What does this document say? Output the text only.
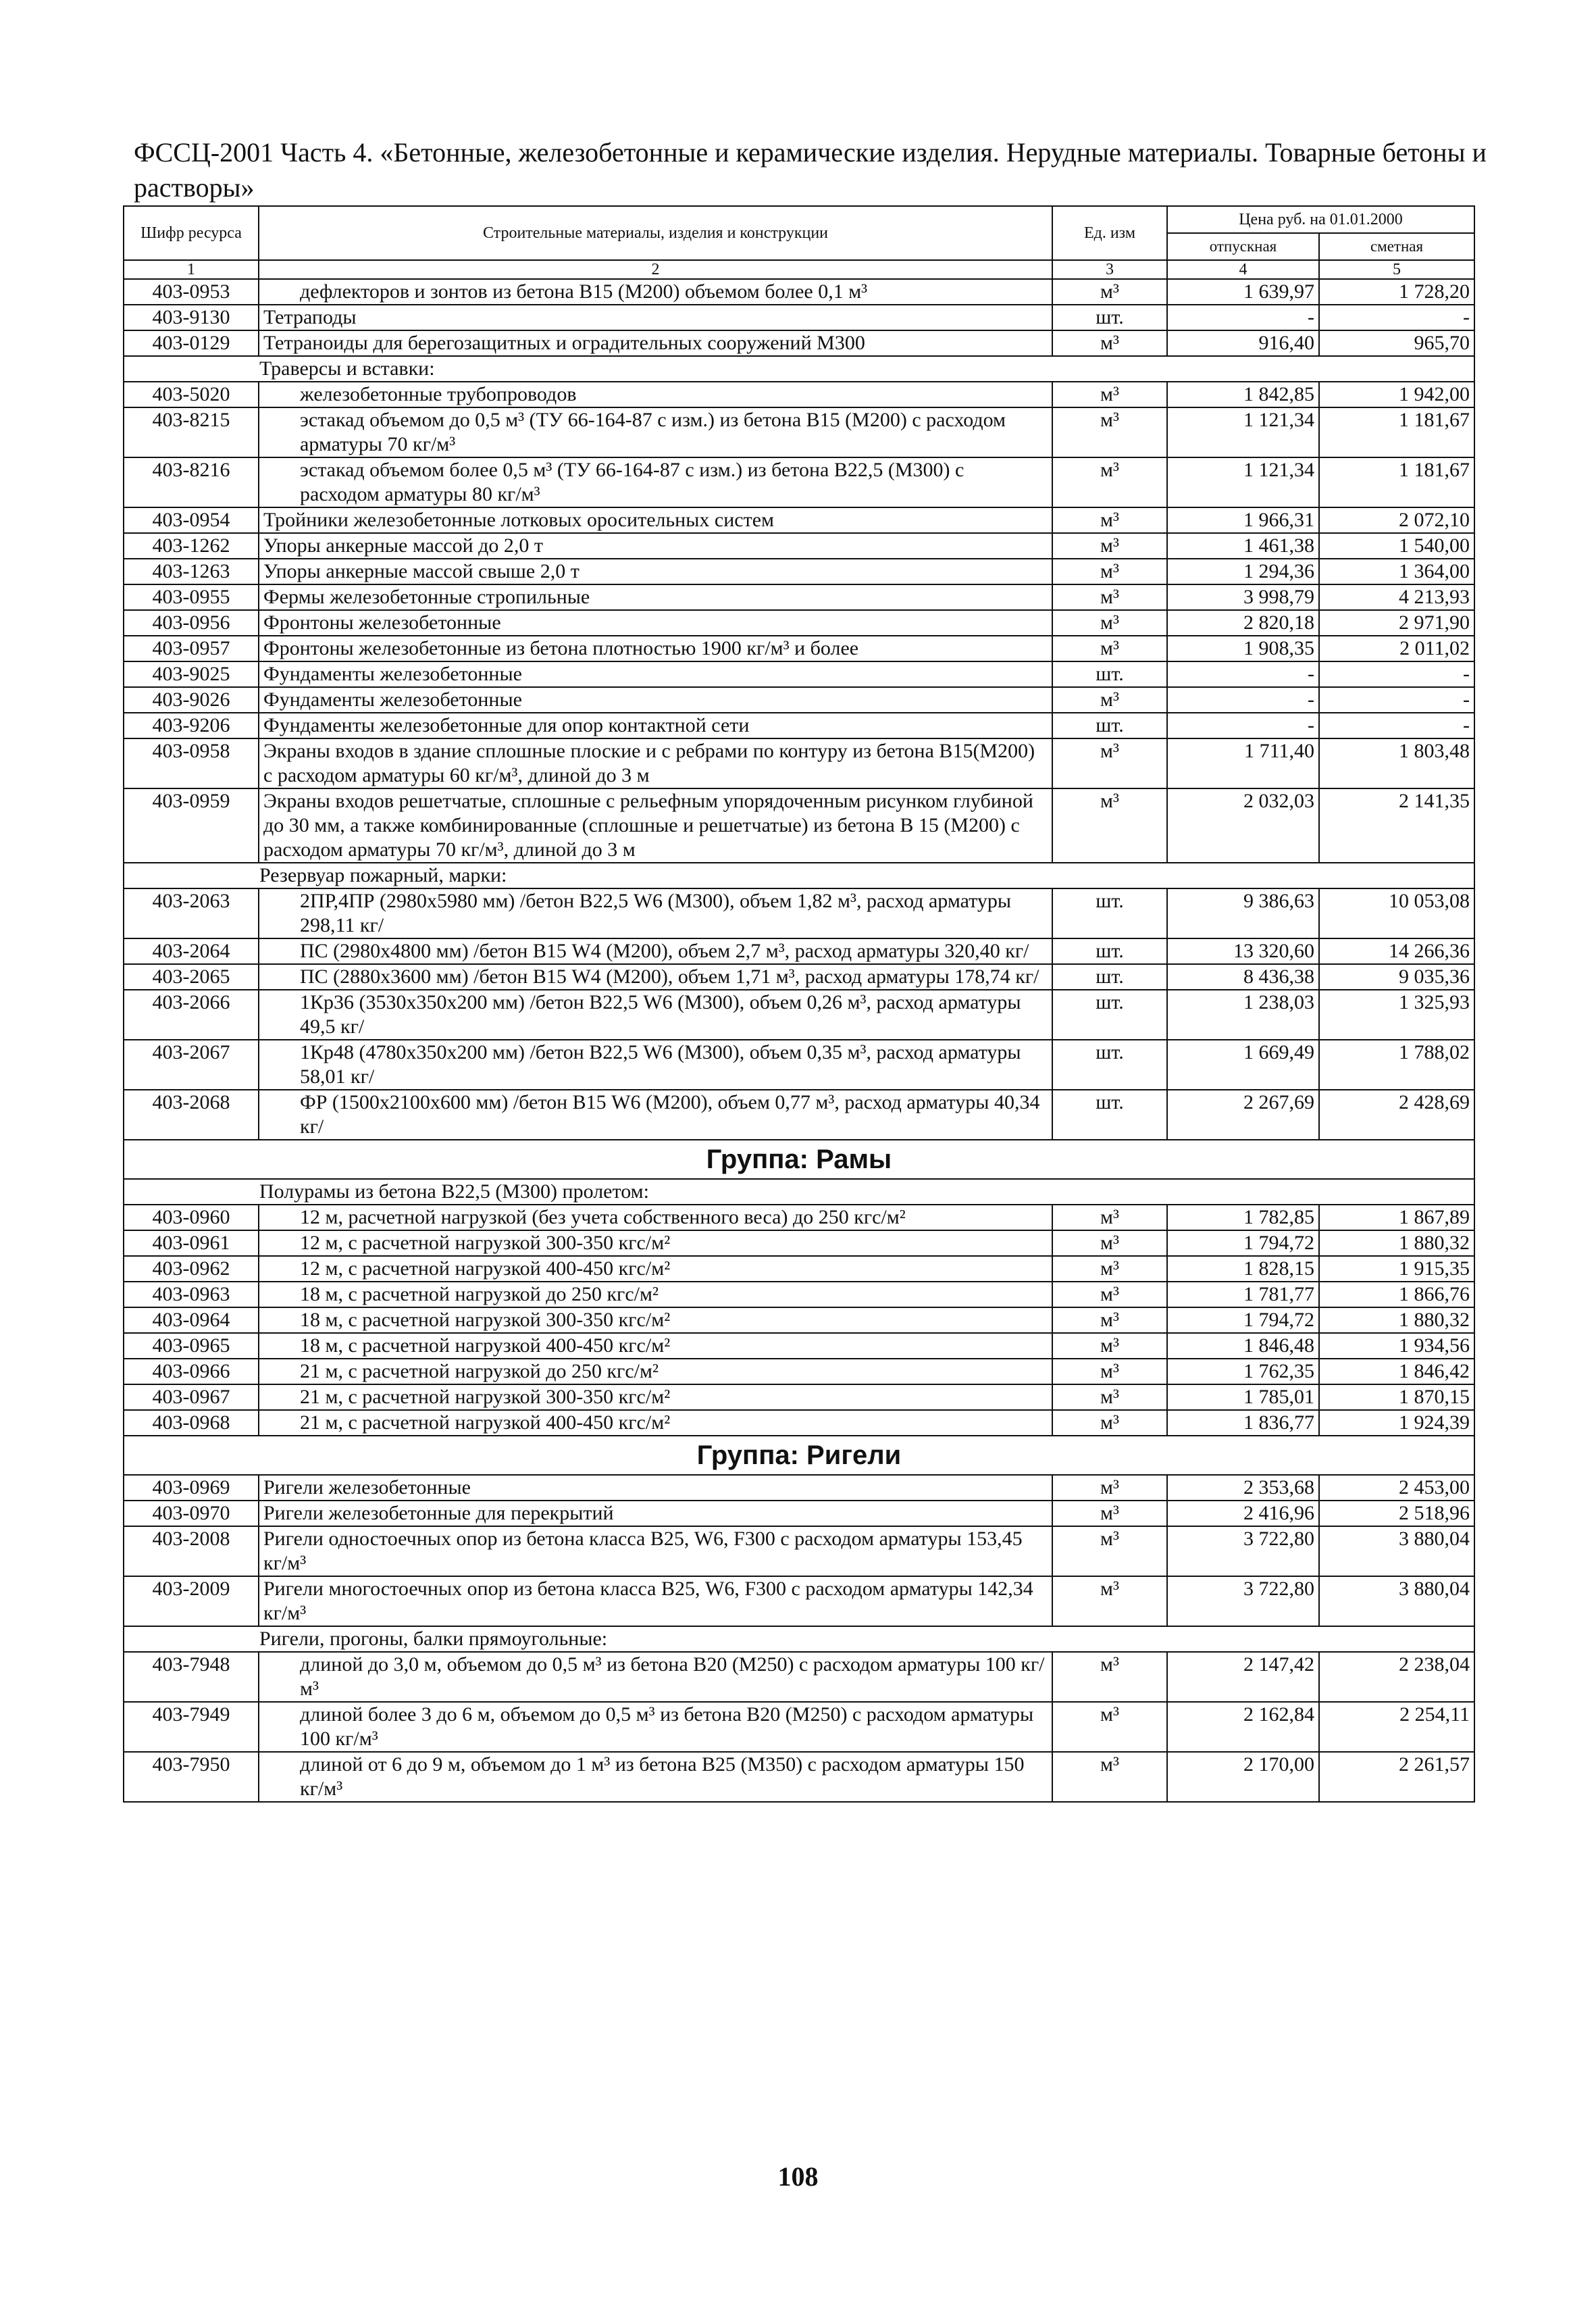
ФССЦ-2001 Часть 4. «Бетонные, железобетонные и керамические изделия. Нерудные материалы. Товарные бетоны и растворы»
Шифр ресурса	Строительные материалы, изделия и конструкции	Ед. изм	Цена руб. на 01.01.2000	
			отпускная	сметная
1	2	3	4	5
403-0953	дефлекторов и зонтов из бетона В15 (М200) объемом более 0,1 м³	м³	1 639,97	1 728,20
403-9130	Тетраподы	шт.	-	-
403-0129	Тетраноиды для берегозащитных и оградительных сооружений М300	м³	916,40	965,70
Траверсы и вставки:				
403-5020	железобетонные трубопроводов	м³	1 842,85	1 942,00
403-8215	эстакад объемом до 0,5 м³ (ТУ 66-164-87 с изм.) из бетона В15 (М200) с расходом арматуры 70 кг/м³	м³	1 121,34	1 181,67
403-8216	эстакад объемом более 0,5 м³ (ТУ 66-164-87 с изм.) из бетона В22,5 (М300) с расходом арматуры 80 кг/м³	м³	1 121,34	1 181,67
403-0954	Тройники железобетонные лотковых оросительных систем	м³	1 966,31	2 072,10
403-1262	Упоры анкерные массой до 2,0 т	м³	1 461,38	1 540,00
403-1263	Упоры анкерные массой свыше 2,0 т	м³	1 294,36	1 364,00
403-0955	Фермы железобетонные стропильные	м³	3 998,79	4 213,93
403-0956	Фронтоны железобетонные	м³	2 820,18	2 971,90
403-0957	Фронтоны железобетонные из бетона плотностью 1900 кг/м³ и более	м³	1 908,35	2 011,02
403-9025	Фундаменты железобетонные	шт.	-	-
403-9026	Фундаменты железобетонные	м³	-	-
403-9206	Фундаменты железобетонные для опор контактной сети	шт.	-	-
403-0958	Экраны входов в здание сплошные плоские и с ребрами по контуру из бетона В15(М200) с расходом арматуры 60 кг/м³, длиной до 3 м	м³	1 711,40	1 803,48
403-0959	Экраны входов решетчатые, сплошные с рельефным упорядоченным рисунком глубиной до 30 мм, а также комбинированные (сплошные и решетчатые) из бетона В 15 (М200) с расходом арматуры 70 кг/м³, длиной до 3 м	м³	2 032,03	2 141,35
Резервуар пожарный, марки:				
403-2063	2ПР,4ПР (2980х5980 мм) /бетон В22,5 W6 (М300), объем 1,82 м³, расход арматуры 298,11 кг/	шт.	9 386,63	10 053,08
403-2064	ПС (2980х4800 мм) /бетон В15 W4 (М200), объем 2,7 м³, расход арматуры 320,40 кг/	шт.	13 320,60	14 266,36
403-2065	ПС (2880х3600 мм) /бетон В15 W4 (М200), объем 1,71 м³, расход арматуры 178,74 кг/	шт.	8 436,38	9 035,36
403-2066	1Кр36 (3530х350х200 мм) /бетон В22,5 W6 (М300), объем 0,26 м³, расход арматуры 49,5 кг/	шт.	1 238,03	1 325,93
403-2067	1Кр48 (4780х350х200 мм) /бетон В22,5 W6 (М300), объем 0,35 м³, расход арматуры 58,01 кг/	шт.	1 669,49	1 788,02
403-2068	ФР (1500х2100х600 мм) /бетон В15 W6 (М200), объем 0,77 м³, расход арматуры 40,34 кг/	шт.	2 267,69	2 428,69
Группа: Рамы				
Полурамы из бетона В22,5 (М300) пролетом:				
403-0960	12 м, расчетной нагрузкой (без учета собственного веса) до 250 кгс/м²	м³	1 782,85	1 867,89
403-0961	12 м, с расчетной нагрузкой 300-350 кгс/м²	м³	1 794,72	1 880,32
403-0962	12 м, с расчетной нагрузкой 400-450 кгс/м²	м³	1 828,15	1 915,35
403-0963	18 м, с расчетной нагрузкой до 250 кгс/м²	м³	1 781,77	1 866,76
403-0964	18 м, с расчетной нагрузкой 300-350 кгс/м²	м³	1 794,72	1 880,32
403-0965	18 м, с расчетной нагрузкой 400-450 кгс/м²	м³	1 846,48	1 934,56
403-0966	21 м, с расчетной нагрузкой до 250 кгс/м²	м³	1 762,35	1 846,42
403-0967	21 м, с расчетной нагрузкой 300-350 кгс/м²	м³	1 785,01	1 870,15
403-0968	21 м, с расчетной нагрузкой 400-450 кгс/м²	м³	1 836,77	1 924,39
Группа: Ригели				
403-0969	Ригели железобетонные	м³	2 353,68	2 453,00
403-0970	Ригели железобетонные для перекрытий	м³	2 416,96	2 518,96
403-2008	Ригели одностоечных опор из бетона класса В25, W6, F300 с расходом арматуры 153,45 кг/м³	м³	3 722,80	3 880,04
403-2009	Ригели многостоечных опор из бетона класса В25, W6, F300 с расходом арматуры 142,34 кг/м³	м³	3 722,80	3 880,04
Ригели, прогоны, балки прямоугольные:				
403-7948	длиной до 3,0 м, объемом до 0,5 м³ из бетона В20 (М250) с расходом арматуры 100 кг/м³	м³	2 147,42	2 238,04
403-7949	длиной более 3 до 6 м, объемом до 0,5 м³ из бетона В20 (М250) с расходом арматуры 100 кг/м³	м³	2 162,84	2 254,11
403-7950	длиной от 6 до 9 м, объемом до 1 м³ из бетона В25 (М350) с расходом арматуры 150 кг/м³	м³	2 170,00	2 261,57
108
